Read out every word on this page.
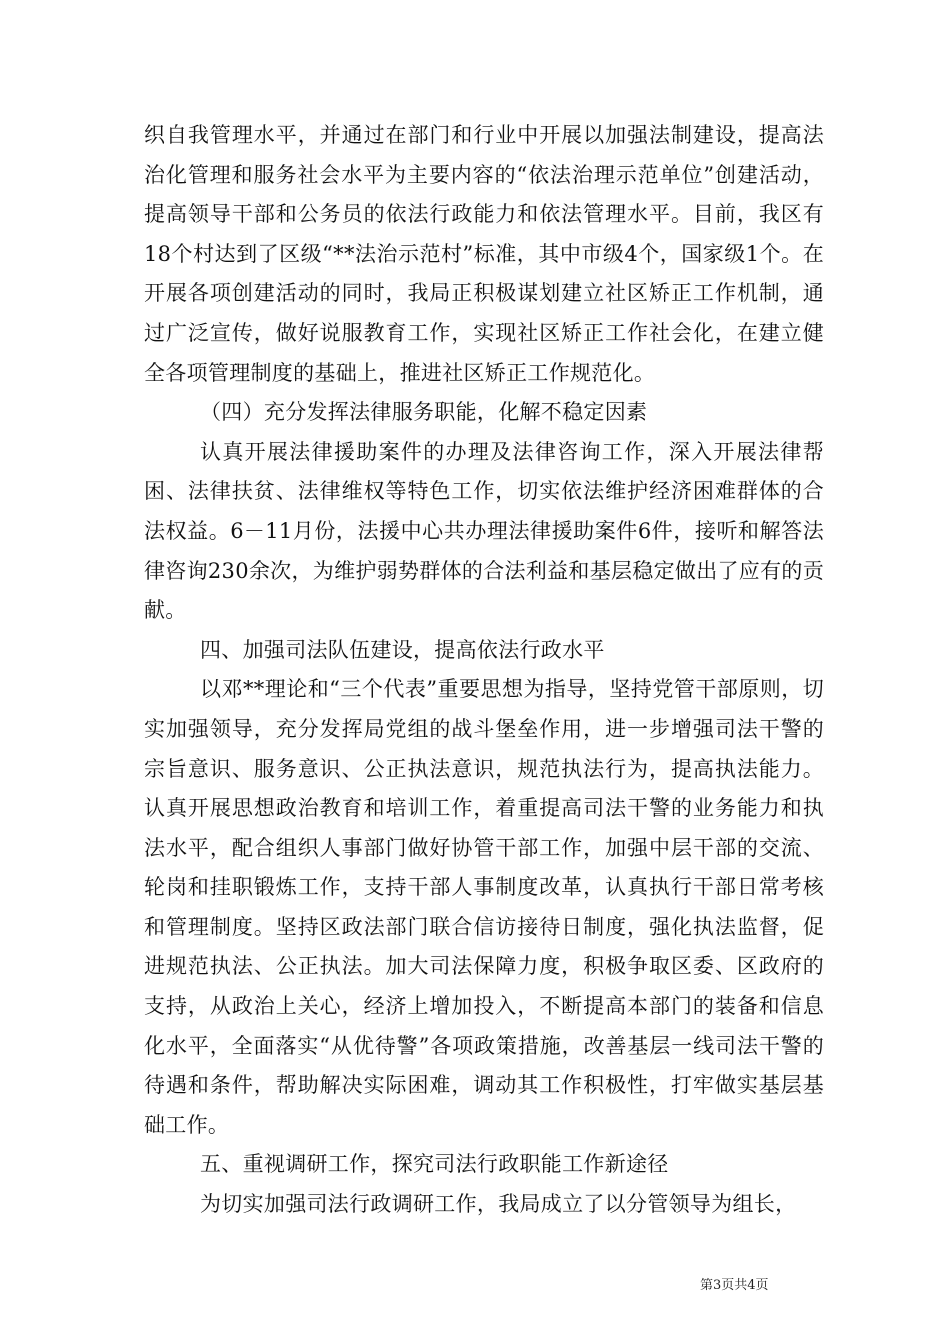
织自我管理水平，并通过在部门和行业中开展以加强法制建设，提高法治化管理和服务社会水平为主要内容的“依法治理示范单位”创建活动，提高领导干部和公务员的依法行政能力和依法管理水平。目前，我区有18个村达到了区级“**法治示范村”标准，其中市级4个，国家级1个。在开展各项创建活动的同时，我局正积极谋划建立社区矫正工作机制，通过广泛宣传，做好说服教育工作，实现社区矫正工作社会化，在建立健全各项管理制度的基础上，推进社区矫正工作规范化。

（四）充分发挥法律服务职能，化解不稳定因素

认真开展法律援助案件的办理及法律咨询工作，深入开展法律帮困、法律扶贫、法律维权等特色工作，切实依法维护经济困难群体的合法权益。6－11月份，法援中心共办理法律援助案件6件，接听和解答法律咨询230余次，为维护弱势群体的合法利益和基层稳定做出了应有的贡献。

四、加强司法队伍建设，提高依法行政水平

以邓**理论和“三个代表”重要思想为指导，坚持党管干部原则，切实加强领导，充分发挥局党组的战斗堡垒作用，进一步增强司法干警的宗旨意识、服务意识、公正执法意识，规范执法行为，提高执法能力。认真开展思想政治教育和培训工作，着重提高司法干警的业务能力和执法水平，配合组织人事部门做好协管干部工作，加强中层干部的交流、轮岗和挂职锻炼工作，支持干部人事制度改革，认真执行干部日常考核和管理制度。坚持区政法部门联合信访接待日制度，强化执法监督，促进规范执法、公正执法。加大司法保障力度，积极争取区委、区政府的支持，从政治上关心，经济上增加投入，不断提高本部门的装备和信息化水平，全面落实“从优待警”各项政策措施，改善基层一线司法干警的待遇和条件，帮助解决实际困难，调动其工作积极性，打牢做实基层基础工作。

五、重视调研工作，探究司法行政职能工作新途径

为切实加强司法行政调研工作，我局成立了以分管领导为组长，

第3页共4页
